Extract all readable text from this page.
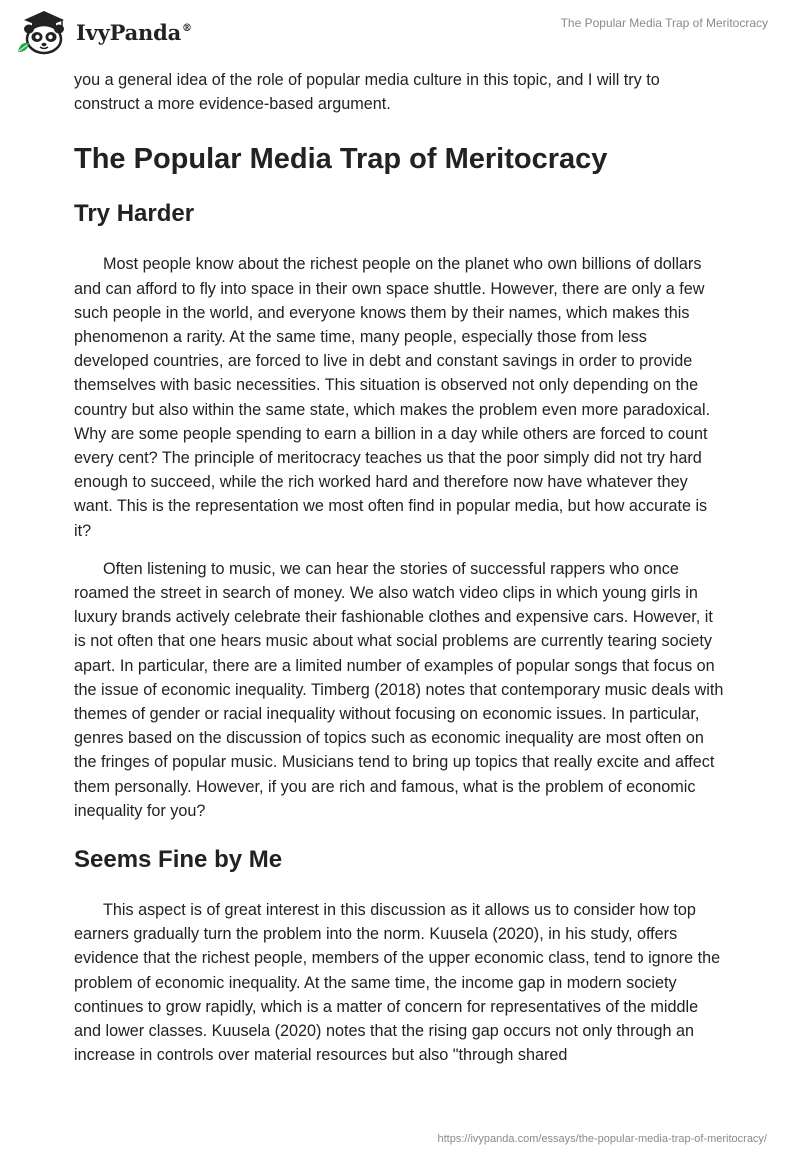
IvyPanda®	The Popular Media Trap of Meritocracy

you a general idea of the role of popular media culture in this topic, and I will try to construct a more evidence-based argument.

The Popular Media Trap of Meritocracy
Try Harder

Most people know about the richest people on the planet who own billions of dollars and can afford to fly into space in their own space shuttle. However, there are only a few such people in the world, and everyone knows them by their names, which makes this phenomenon a rarity. At the same time, many people, especially those from less developed countries, are forced to live in debt and constant savings in order to provide themselves with basic necessities. This situation is observed not only depending on the country but also within the same state, which makes the problem even more paradoxical. Why are some people spending to earn a billion in a day while others are forced to count every cent? The principle of meritocracy teaches us that the poor simply did not try hard enough to succeed, while the rich worked hard and therefore now have whatever they want. This is the representation we most often find in popular media, but how accurate is it?

Often listening to music, we can hear the stories of successful rappers who once roamed the street in search of money. We also watch video clips in which young girls in luxury brands actively celebrate their fashionable clothes and expensive cars. However, it is not often that one hears music about what social problems are currently tearing society apart. In particular, there are a limited number of examples of popular songs that focus on the issue of economic inequality. Timberg (2018) notes that contemporary music deals with themes of gender or racial inequality without focusing on economic issues. In particular, genres based on the discussion of topics such as economic inequality are most often on the fringes of popular music. Musicians tend to bring up topics that really excite and affect them personally. However, if you are rich and famous, what is the problem of economic inequality for you?

Seems Fine by Me

This aspect is of great interest in this discussion as it allows us to consider how top earners gradually turn the problem into the norm. Kuusela (2020), in his study, offers evidence that the richest people, members of the upper economic class, tend to ignore the problem of economic inequality. At the same time, the income gap in modern society continues to grow rapidly, which is a matter of concern for representatives of the middle and lower classes. Kuusela (2020) notes that the rising gap occurs not only through an increase in controls over material resources but also "through shared

https://ivypanda.com/essays/the-popular-media-trap-of-meritocracy/
